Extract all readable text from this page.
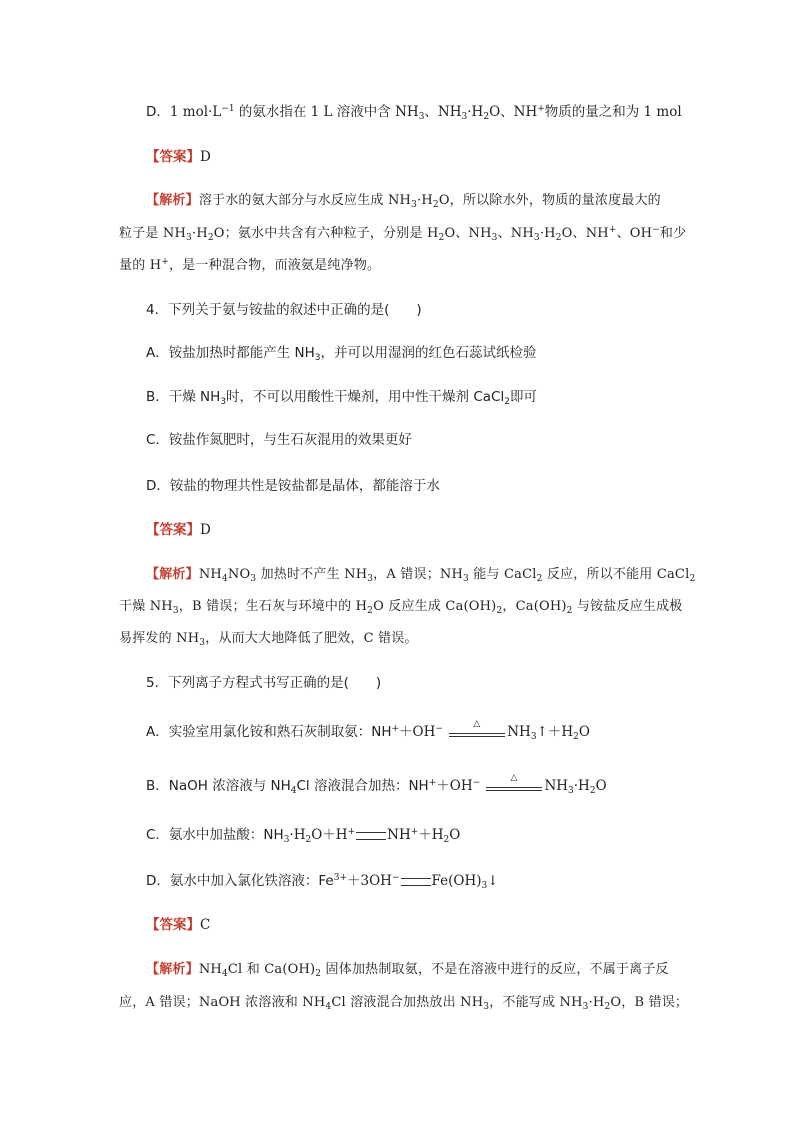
D．1 $mol\cdot L^{-1}$ 的氨水指在 1 L 溶液中含 $NH_3$、$NH_3\cdot H_2O$、NH+物质的量之和为 1 mol
【答案】D
【解析】溶于水的氨大部分与水反应生成 $NH_3\cdot H_2O$，所以除水外，物质的量浓度最大的
粒子是 $NH_3\cdot H_2O$；氨水中共含有六种粒子，分别是 $H_2O$、$NH_3$、$NH_3\cdot H_2O$、NH+、OH−和少
量的 H+，是一种混合物，而液氨是纯净物。
4．下列关于氨与铵盐的叙述中正确的是(　　)
A．铵盐加热时都能产生 $NH_3$，并可以用湿润的红色石蕊试纸检验
B．干燥 $NH_3$时，不可以用酸性干燥剂，用中性干燥剂 CaCl$_2$即可
C．铵盐作氮肥时，与生石灰混用的效果更好
D．铵盐的物理共性是铵盐都是晶体，都能溶于水
【答案】D
【解析】$NH_4NO_3$ 加热时不产生 $NH_3$，A 错误；$NH_3$ 能与 CaCl$_2$ 反应，所以不能用 CaCl$_2$
干燥 $NH_3$，B 错误；生石灰与环境中的 $H_2O$ 反应生成 $Ca(OH)_2$，$Ca(OH)_2$ 与铵盐反应生成极
易挥发的 $NH_3$，从而大大地降低了肥效，C 错误。
5．下列离子方程式书写正确的是(　　)
A．实验室用氯化铵和熟石灰制取氨：NH+＋OH−
△
$NH_3↑+H_2O$
B．NaOH 浓溶液与 $NH_4Cl$ 溶液混合加热：NH+＋OH−
△
$NH_3\cdot H_2O$
C．氨水中加盐酸：$NH_3\cdot H_2O+H^+$ $NH^++H_2O$
D．氨水中加入氯化铁溶液：$Fe^{3+}+3OH^-$ $Fe(OH)_3↓$
【答案】C
【解析】$NH_4Cl$ 和 $Ca(OH)_2$ 固体加热制取氨，不是在溶液中进行的反应，不属于离子反
应，A 错误；NaOH 浓溶液和 $NH_4Cl$ 溶液混合加热放出 $NH_3$，不能写成 $NH_3\cdot H_2O$，B 错误；
